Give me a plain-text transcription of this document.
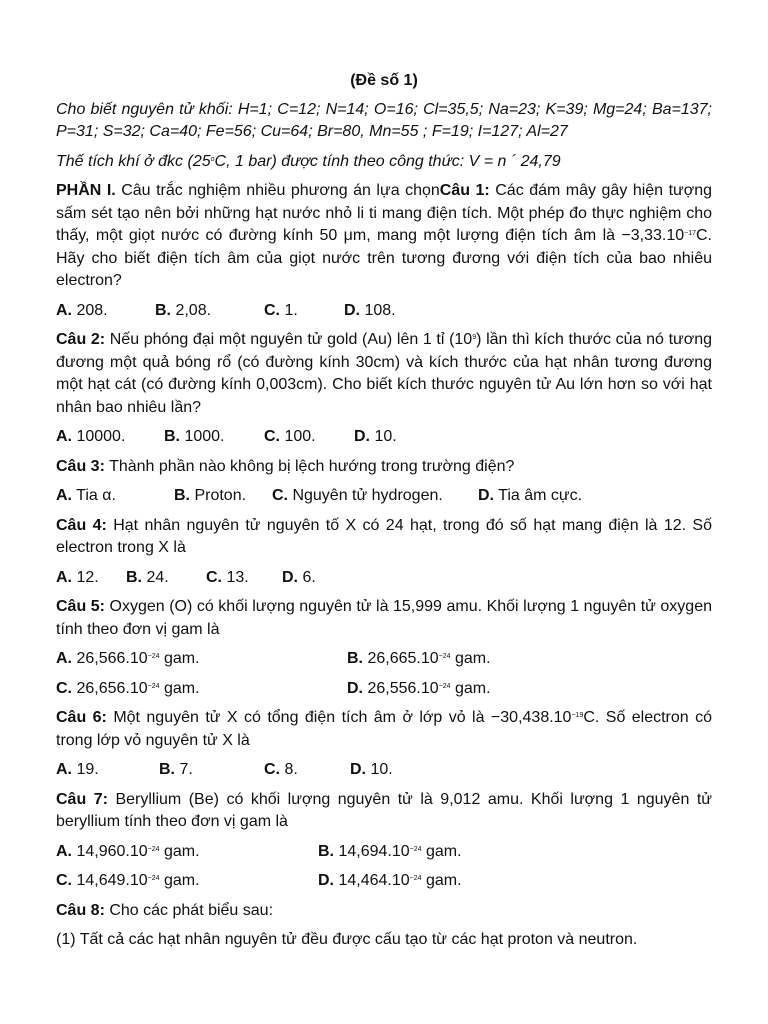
(Đề số 1)

Cho biết nguyên tử khối: H=1; C=12; N=14; O=16; Cl=35,5; Na=23; K=39; Mg=24; Ba=137; P=31; S=32; Ca=40; Fe=56; Cu=64; Br=80, Mn=55 ; F=19; I=127; Al=27

Thế tích khí ở đkc (25$^o$C, 1 bar) được tính theo công thức: V = n ´ 24,79

PHẦN I. Câu trắc nghiệm nhiều phương án lựa chọnCâu 1: Các đám mây gây hiện tượng sấm sét tạo nên bởi những hạt nước nhỏ li ti mang điện tích. Một phép đo thực nghiệm cho thấy, một giọt nước có đường kính 50 μm, mang một lượng điện tích âm là $-3,33.10^{-17}C$. Hãy cho biết điện tích âm của giọt nước trên tương đương với điện tích của bao nhiêu electron?

A. 208.	B. 2,08.	C. 1.	D. 108.

Câu 2: Nếu phóng đại một nguyên tử gold (Au) lên 1 tỉ $(10^9)$ lần thì kích thước của nó tương đương một quả bóng rổ (có đường kính 30cm) và kích thước của hạt nhân tương đương một hạt cát (có đường kính 0,003cm). Cho biết kích thước nguyên tử Au lớn hơn so với hạt nhân bao nhiêu lần?

A. 10000.	B. 1000.	C. 100.	D. 10.

Câu 3: Thành phần nào không bị lệch hướng trong trường điện?

A. Tia α.	B. Proton.	C. Nguyên tử hydrogen.	D. Tia âm cực.

Câu 4: Hạt nhân nguyên tử nguyên tố X có 24 hạt, trong đó số hạt mang điện là 12. Số electron trong X là

A. 12.	B. 24.	C. 13.	D. 6.

Câu 5: Oxygen (O) có khối lượng nguyên tử là 15,999 amu. Khối lượng 1 nguyên tử oxygen tính theo đơn vị gam là

A. $26,566.10^{-24}$ gam.	B. $26,665.10^{-24}$ gam.
C. $26,656.10^{-24}$ gam.	D. $26,556.10^{-24}$ gam.

Câu 6: Một nguyên tử X có tổng điện tích âm ở lớp vỏ là $-30,438.10^{-19}C$. Số electron có trong lớp vỏ nguyên tử X là

A. 19.	B. 7.	C. 8.	D. 10.

Câu 7: Beryllium (Be) có khối lượng nguyên tử là 9,012 amu. Khối lượng 1 nguyên tử beryllium tính theo đơn vị gam là

A. $14,960.10^{-24}$ gam.	B. $14,694.10^{-24}$ gam.
C. $14,649.10^{-24}$ gam.	D. $14,464.10^{-24}$ gam.

Câu 8: Cho các phát biểu sau:

(1) Tất cả các hạt nhân nguyên tử đều được cấu tạo từ các hạt proton và neutron.
